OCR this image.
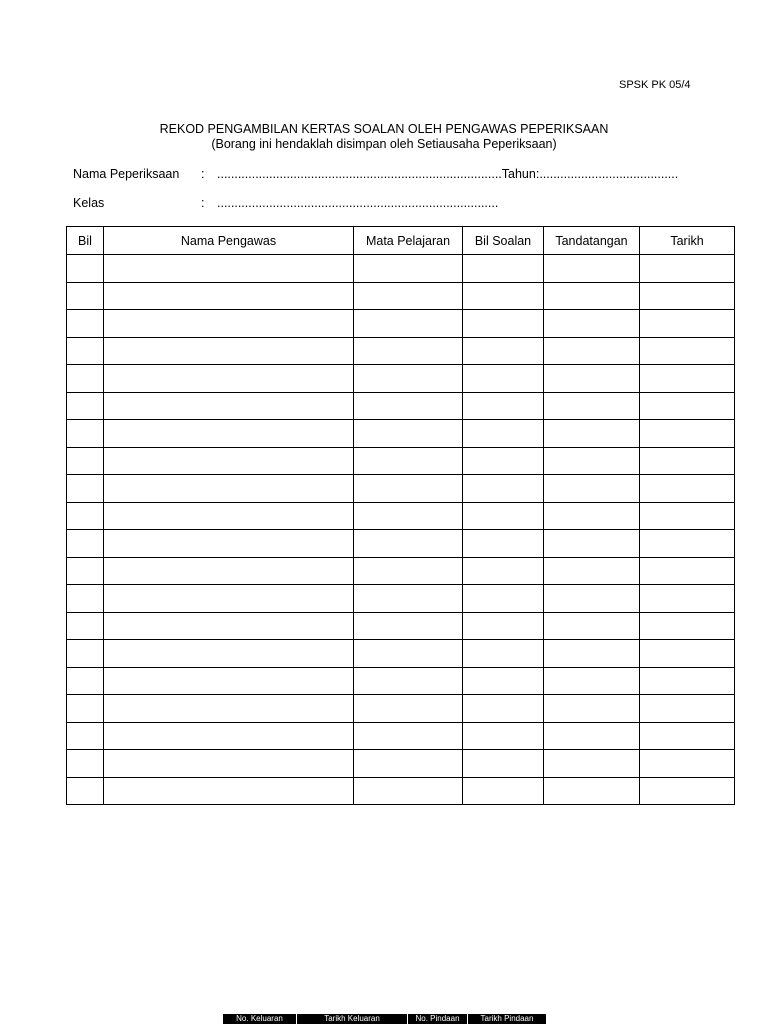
SPSK PK 05/4
REKOD PENGAMBILAN KERTAS SOALAN OLEH PENGAWAS PEPERIKSAAN
(Borang ini hendaklah disimpan oleh Setiausaha Peperiksaan)
Nama Peperiksaan : ..................................................................................Tahun:........................................
Kelas	: .................................................................................
Bil	Nama Pengawas	Mata Pelajaran	Bil Soalan	Tandatangan	Tarikh

No. Keluaran	Tarikh Keluaran	No. Pindaan	Tarikh Pindaan
